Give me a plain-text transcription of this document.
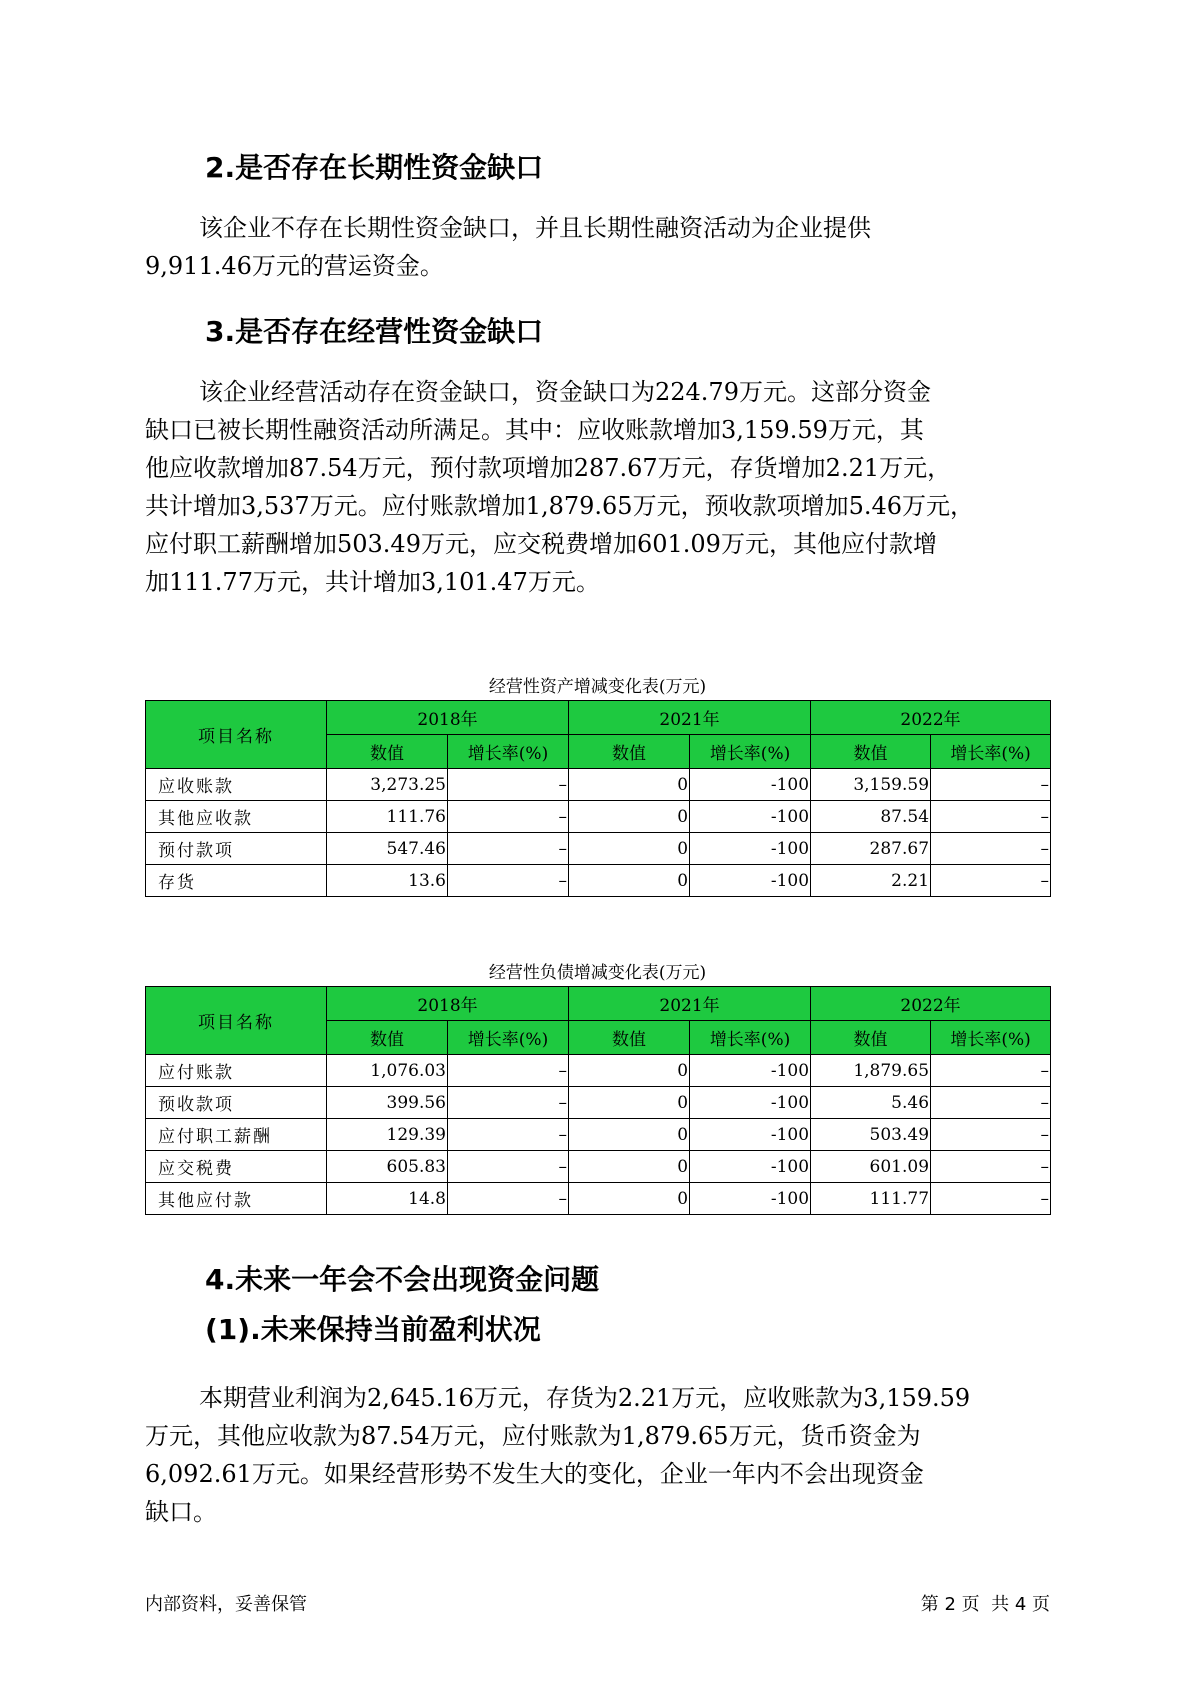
2.是否存在长期性资金缺口
该企业不存在长期性资金缺口，并且长期性融资活动为企业提供
9,911.46万元的营运资金。
3.是否存在经营性资金缺口
该企业经营活动存在资金缺口，资金缺口为224.79万元。这部分资金
缺口已被长期性融资活动所满足。其中：应收账款增加3,159.59万元，其
他应收款增加87.54万元，预付款项增加287.67万元，存货增加2.21万元，
共计增加3,537万元。应付账款增加1,879.65万元，预收款项增加5.46万元，
应付职工薪酬增加503.49万元，应交税费增加601.09万元，其他应付款增
加111.77万元，共计增加3,101.47万元。
经营性资产增减变化表(万元)
项目名称	2018年		2021年		2022年	
	数值	增长率(%)	数值	增长率(%)	数值	增长率(%)
应收账款	3,273.25	–	0	-100	3,159.59	–
其他应收款	111.76	–	0	-100	87.54	–
预付款项	547.46	–	0	-100	287.67	–
存货	13.6	–	0	-100	2.21	–
经营性负债增减变化表(万元)
项目名称	2018年		2021年		2022年	
	数值	增长率(%)	数值	增长率(%)	数值	增长率(%)
应付账款	1,076.03	–	0	-100	1,879.65	–
预收款项	399.56	–	0	-100	5.46	–
应付职工薪酬	129.39	–	0	-100	503.49	–
应交税费	605.83	–	0	-100	601.09	–
其他应付款	14.8	–	0	-100	111.77	–
4.未来一年会不会出现资金问题
(1).未来保持当前盈利状况
本期营业利润为2,645.16万元，存货为2.21万元，应收账款为3,159.59
万元，其他应收款为87.54万元，应付账款为1,879.65万元，货币资金为
6,092.61万元。如果经营形势不发生大的变化，企业一年内不会出现资金
缺口。
内部资料，妥善保管	第 2 页  共 4 页
